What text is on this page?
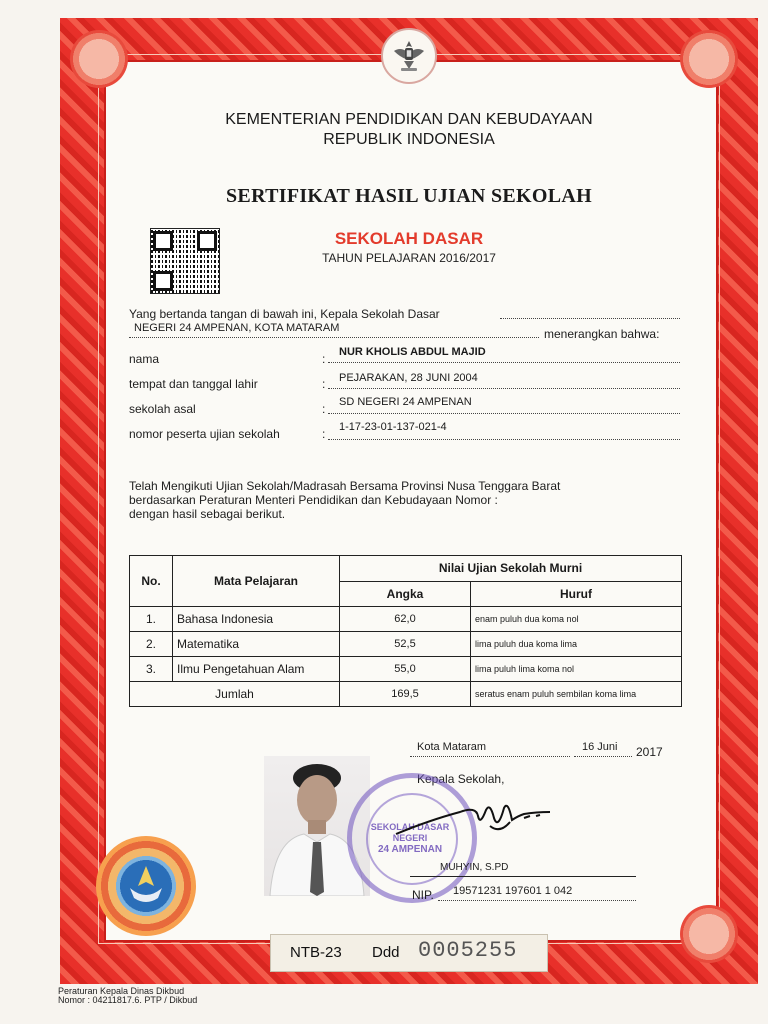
KEMENTERIAN PENDIDIKAN DAN KEBUDAYAAN

REPUBLIK INDONESIA

SERTIFIKAT HASIL UJIAN SEKOLAH

SEKOLAH DASAR

TAHUN PELAJARAN 2016/2017

Yang bertanda tangan di bawah ini, Kepala Sekolah Dasar

NEGERI 24 AMPENAN, KOTA MATARAM	menerangkan bahwa:

nama	: NUR KHOLIS ABDUL MAJID

tempat dan tanggal lahir	: PEJARAKAN, 28 JUNI 2004

sekolah asal	: SD NEGERI 24 AMPENAN

nomor peserta ujian sekolah	: 1-17-23-01-137-021-4

Telah Mengikuti Ujian Sekolah/Madrasah Bersama Provinsi Nusa Tenggara Barat

berdasarkan Peraturan Menteri Pendidikan dan Kebudayaan Nomor :

dengan hasil sebagai berikut.

No.	Mata Pelajaran	Nilai Ujian Sekolah Murni	
		Angka	Huruf
1.	Bahasa Indonesia	62,0	enam puluh dua koma nol
2.	Matematika	52,5	lima puluh dua koma lima
3.	Ilmu Pengetahuan Alam	55,0	lima puluh lima koma nol
Jumlah		169,5	seratus enam puluh sembilan koma lima

Kota Mataram	16 Juni 2017

Kepala Sekolah,

SEKOLAH DASAR NEGERI
24 AMPENAN

MUHYIN, S.PD

NIP. 19571231 197601 1 042

NTB-23 Ddd 0005255

Peraturan Kepala Dinas Dikbud

Nomor : 04211817.6. PTP / Dikbud
